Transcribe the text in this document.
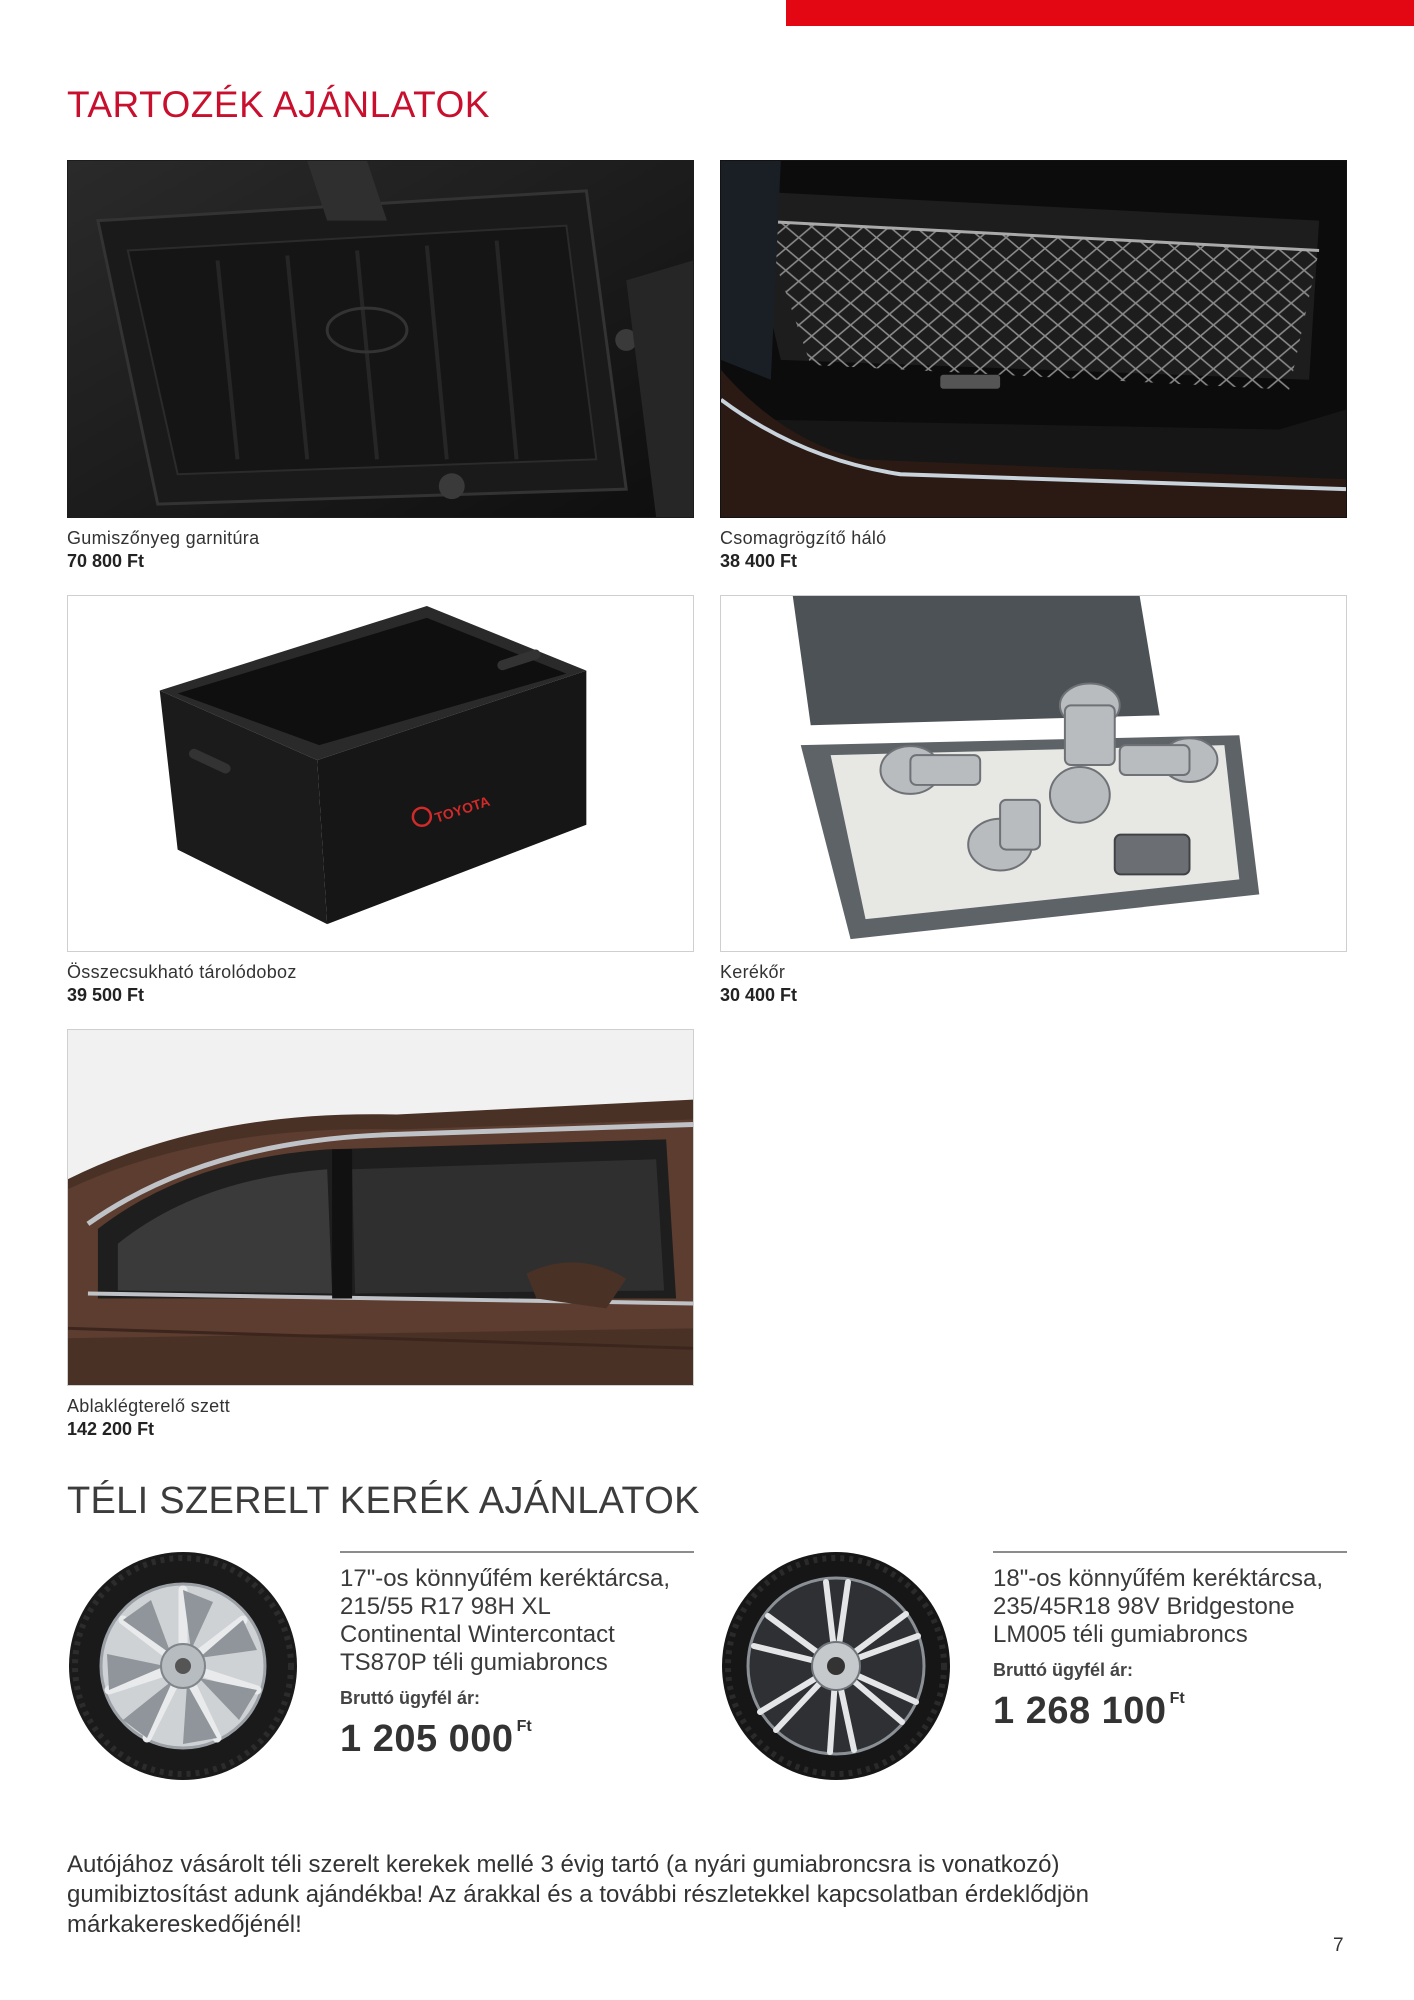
TARTOZÉK AJÁNLATOK
Gumiszőnyeg garnitúra
70 800 Ft
Csomagrögzítő háló
38 400 Ft
TOYOTA
Összecsukható tárolódoboz
39 500 Ft
Kerékőr
30 400 Ft
Ablaklégterelő szett
142 200 Ft
TÉLI SZERELT KERÉK AJÁNLATOK
17"-os könnyűfém keréktárcsa,
215/55 R17 98H XL
Continental Wintercontact
TS870P téli gumiabroncs
Bruttó ügyfél ár:
1 205 000 Ft
18"-os könnyűfém keréktárcsa,
235/45R18 98V Bridgestone
LM005 téli gumiabroncs
Bruttó ügyfél ár:
1 268 100 Ft

Autójához vásárolt téli szerelt kerekek mellé 3 évig tartó (a nyári gumiabroncsra is vonatkozó) gumibiztosítást adunk ajándékba! Az árakkal és a további részletekkel kapcsolatban érdeklődjön márkakereskedőjénél!

7
